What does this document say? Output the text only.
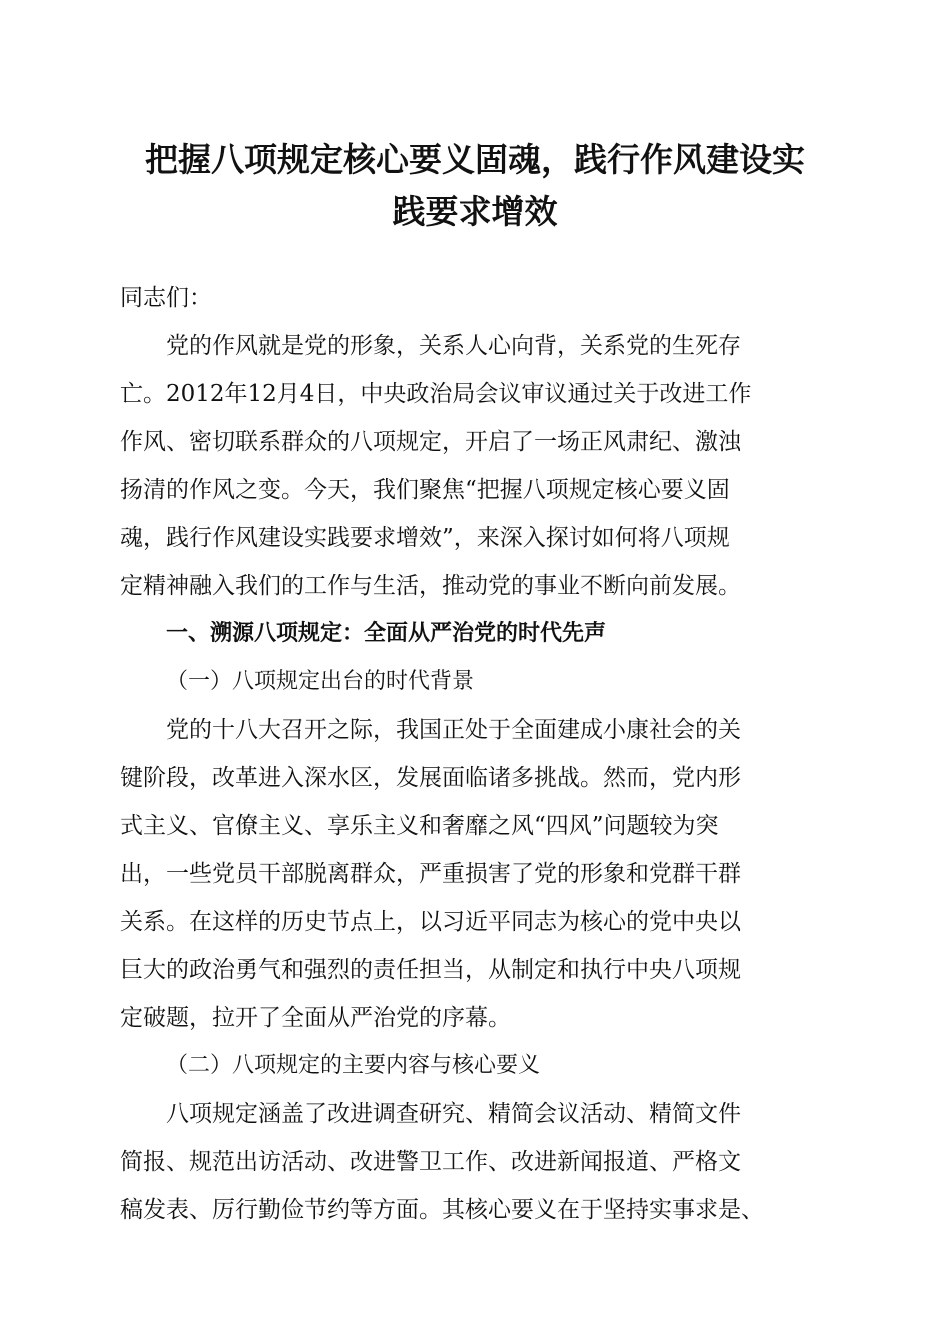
把握八项规定核心要义固魂，践行作风建设实
践要求增效

同志们：

党的作风就是党的形象，关系人心向背，关系党的生死存

亡。2012年12月4日，中央政治局会议审议通过关于改进工作

作风、密切联系群众的八项规定，开启了一场正风肃纪、激浊

扬清的作风之变。今天，我们聚焦“把握八项规定核心要义固

魂，践行作风建设实践要求增效”，来深入探讨如何将八项规

定精神融入我们的工作与生活，推动党的事业不断向前发展。

一、溯源八项规定：全面从严治党的时代先声

（一）八项规定出台的时代背景

党的十八大召开之际，我国正处于全面建成小康社会的关

键阶段，改革进入深水区，发展面临诸多挑战。然而，党内形

式主义、官僚主义、享乐主义和奢靡之风“四风”问题较为突

出，一些党员干部脱离群众，严重损害了党的形象和党群干群

关系。在这样的历史节点上，以习近平同志为核心的党中央以

巨大的政治勇气和强烈的责任担当，从制定和执行中央八项规

定破题，拉开了全面从严治党的序幕。

（二）八项规定的主要内容与核心要义

八项规定涵盖了改进调查研究、精简会议活动、精简文件

简报、规范出访活动、改进警卫工作、改进新闻报道、严格文

稿发表、厉行勤俭节约等方面。其核心要义在于坚持实事求是、
